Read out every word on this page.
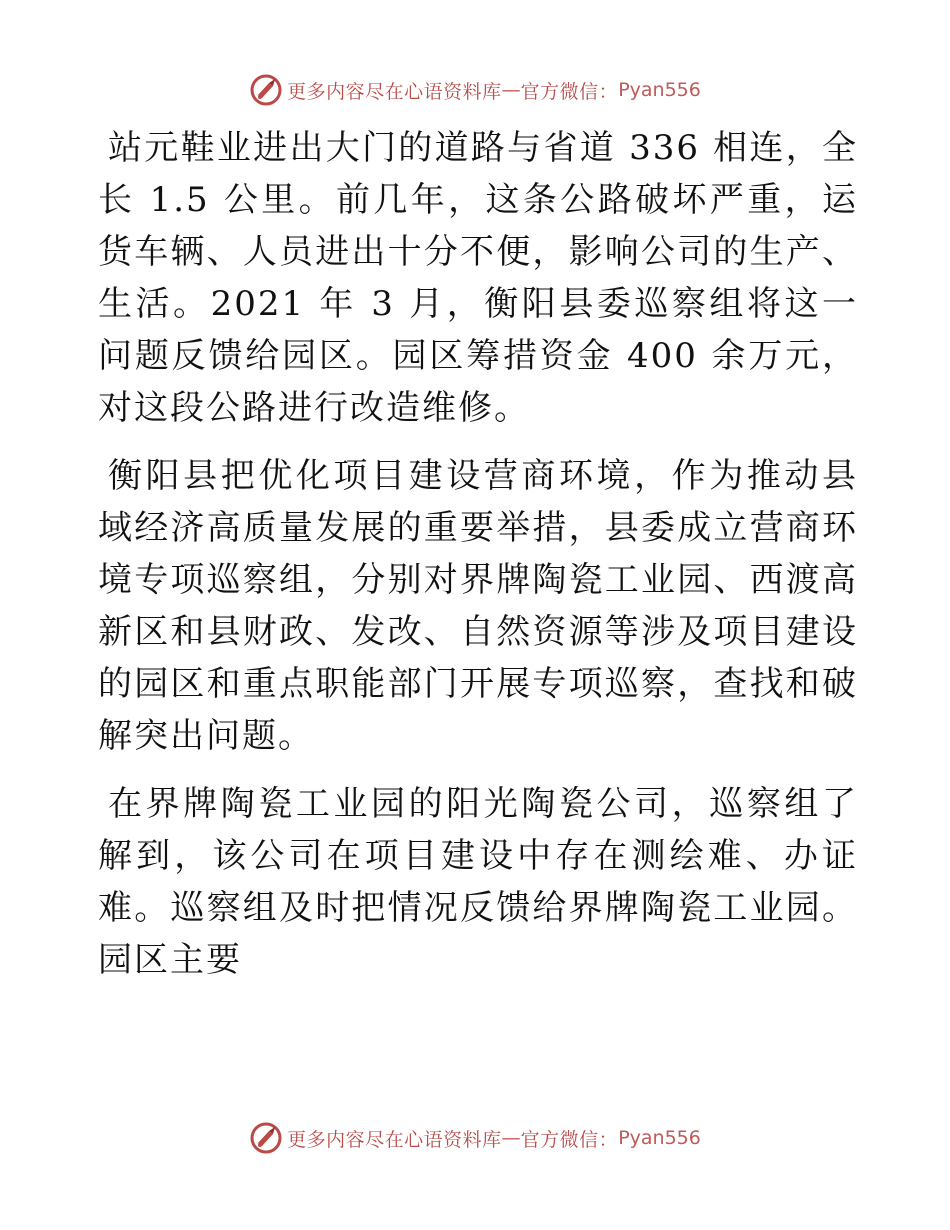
更多内容尽在心语资料库 — 官方微信： Pyan556

站元鞋业进出大门的道路与省道 336 相连，全长 1.5 公里。前几年，这条公路破坏严重，运货车辆、人员进出十分不便，影响公司的生产、生活。2021 年 3 月，衡阳县委巡察组将这一问题反馈给园区。园区筹措资金 400 余万元，对这段公路进行改造维修。

衡阳县把优化项目建设营商环境，作为推动县域经济高质量发展的重要举措，县委成立营商环境专项巡察组，分别对界牌陶瓷工业园、西渡高新区和县财政、发改、自然资源等涉及项目建设的园区和重点职能部门开展专项巡察，查找和破解突出问题。

在界牌陶瓷工业园的阳光陶瓷公司，巡察组了解到，该公司在项目建设中存在测绘难、办证难。巡察组及时把情况反馈给界牌陶瓷工业园。园区主要

更多内容尽在心语资料库 — 官方微信： Pyan556
